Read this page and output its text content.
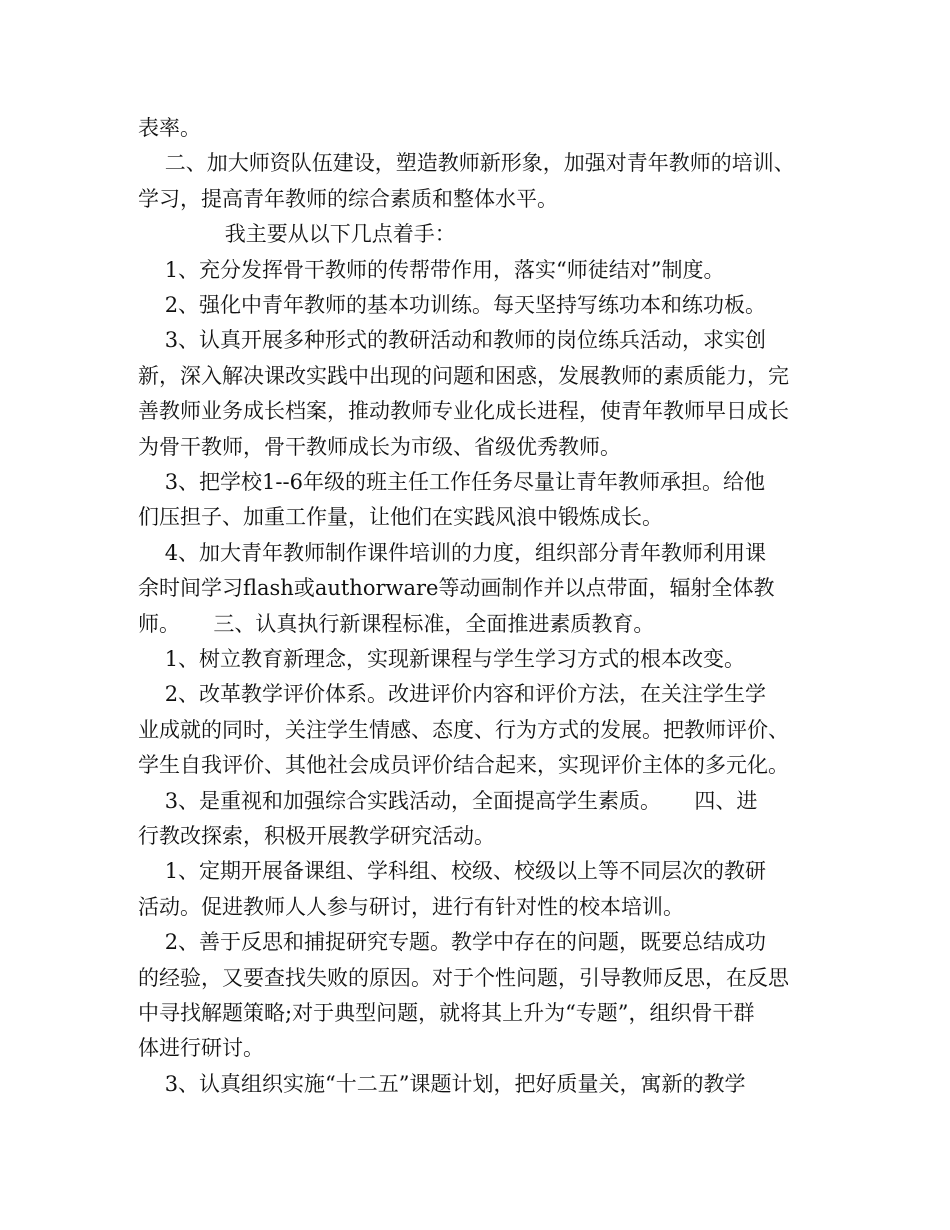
表率。
二、加大师资队伍建设，塑造教师新形象，加强对青年教师的培训、
学习，提高青年教师的综合素质和整体水平。
我主要从以下几点着手：
1、充分发挥骨干教师的传帮带作用，落实“师徒结对”制度。
2、强化中青年教师的基本功训练。每天坚持写练功本和练功板。
3、认真开展多种形式的教研活动和教师的岗位练兵活动，求实创
新，深入解决课改实践中出现的问题和困惑，发展教师的素质能力，完
善教师业务成长档案，推动教师专业化成长进程，使青年教师早日成长
为骨干教师，骨干教师成长为市级、省级优秀教师。
3、把学校1--6年级的班主任工作任务尽量让青年教师承担。给他
们压担子、加重工作量，让他们在实践风浪中锻炼成长。
4、加大青年教师制作课件培训的力度，组织部分青年教师利用课
余时间学习flash或authorware等动画制作并以点带面，辐射全体教
师。     三、认真执行新课程标准，全面推进素质教育。
1、树立教育新理念，实现新课程与学生学习方式的根本改变。
2、改革教学评价体系。改进评价内容和评价方法，在关注学生学
业成就的同时，关注学生情感、态度、行为方式的发展。把教师评价、
学生自我评价、其他社会成员评价结合起来，实现评价主体的多元化。
3、是重视和加强综合实践活动，全面提高学生素质。     四、进
行教改探索，积极开展教学研究活动。
1、定期开展备课组、学科组、校级、校级以上等不同层次的教研
活动。促进教师人人参与研讨，进行有针对性的校本培训。
2、善于反思和捕捉研究专题。教学中存在的问题，既要总结成功
的经验，又要查找失败的原因。对于个性问题，引导教师反思，在反思
中寻找解题策略;对于典型问题，就将其上升为“专题”，组织骨干群
体进行研讨。
3、认真组织实施“十二五”课题计划，把好质量关，寓新的教学
